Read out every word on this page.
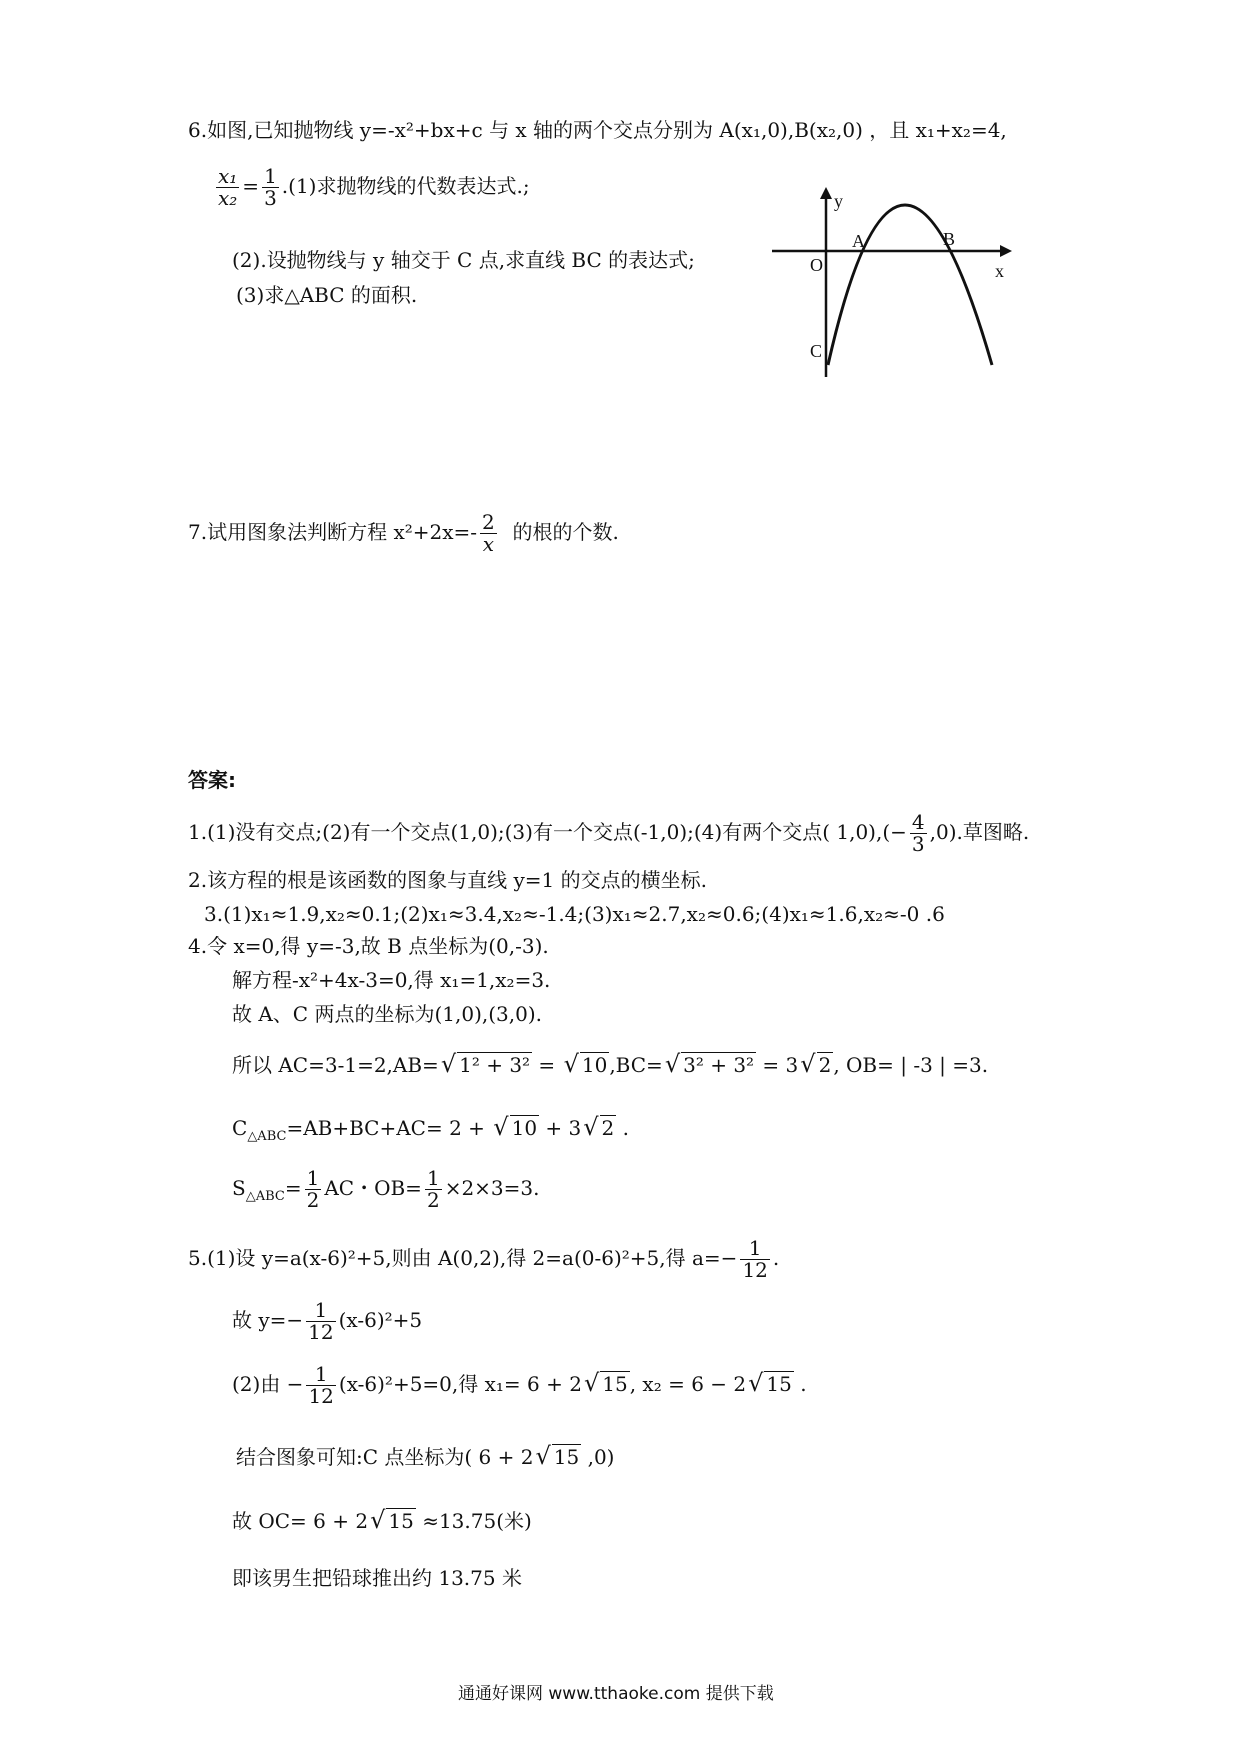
6.如图,已知抛物线 y=-x²+bx+c 与 x 轴的两个交点分别为 A(x₁,0),B(x₂,0) ，且 x₁+x₂=4,
$\frac{\text{x₁}}{\text{x₂}} = \frac{1}{3} .(1)$求抛物线的代数表达式.;
(2).设抛物线与 y 轴交于 C 点,求直线 BC 的表达式;
(3)求△ABC 的面积.
y
x
O
A	B
C
7.试用图象法判断方程 $x^2+2x=- \frac{2}{x}$ 的根的个数.
答案:
1.(1)没有交点;(2)有一个交点(1,0);(3)有一个交点(-1,0);(4)有两个交点( $1,0),(- \frac{4}{3} ,0)$.草图略.
2.该方程的根是该函数的图象与直线 y=1 的交点的横坐标.
3.(1)x₁≈1.9,x₂≈0.1;(2)x₁≈3.4,x₂≈-1.4;(3)x₁≈2.7,x₂≈0.6;(4)x₁≈1.6,x₂≈-0 .6
4.令 x=0,得 y=-3,故 B 点坐标为(0,-3).
解方程-x²+4x-3=0,得 x₁=1,x₂=3.
故 A、C 两点的坐标为(1,0),(3,0).
所以 AC=3-1=2,AB=√ 1² + 3² = √ 10 ,BC=√ 3² + 3² = 3√ 2 , OB= | -3 | =3.
$C_{\triangle ABC}=AB+BC+AC= 2$ + √ 10 + 3√ 2 .
$S_{\triangle ABC}= \frac{1}{2}$ AC・$OB= \frac{1}{2} \times 2\times 3=3$.
5.(1)设 y=a(x-6)²+5,则由 A(0,2),得 2=a(0-6)²+5,得 $a=- \frac{1}{12}$ .
故 $y=- \frac{1}{12} (x-6)^2+5$
(2)由 − $\frac{1}{12} (x-6)^2+5=0$,得 x₁= 6 + 2√ 15 , x₂ = 6 − 2√ 15 .
结合图象可知:C 点坐标为( 6 + 2√ 15 ,0)
故 OC= 6 + 2√ 15 ≈13.75(米)
即该男生把铅球推出约 13.75 米
通通好课网 www.tthaoke.com 提供下载
